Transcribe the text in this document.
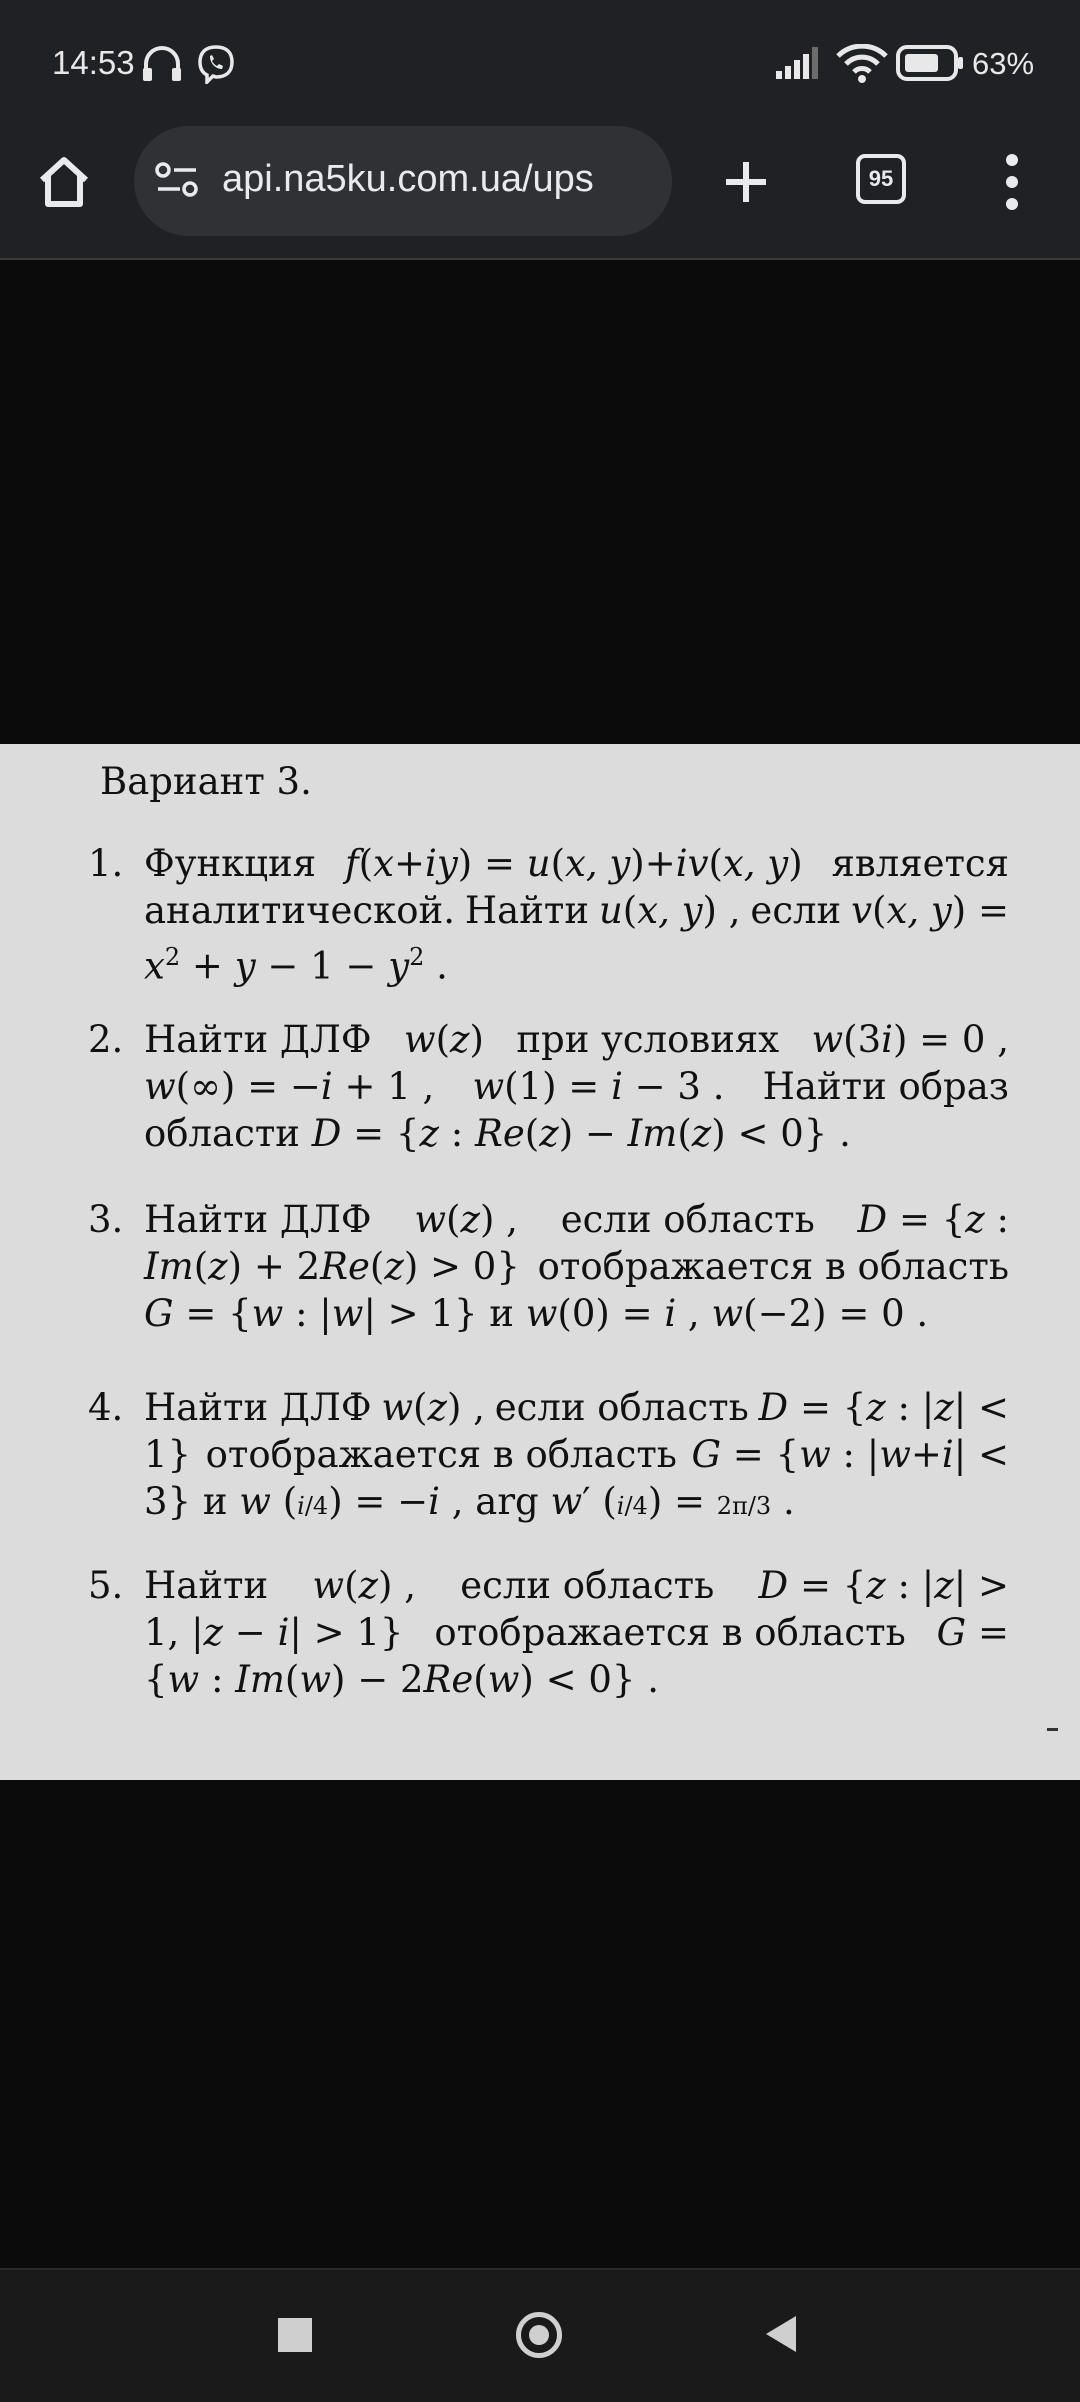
14:53	63%
api.na5ku.com.ua/ups	95
Вариант 3.
1. Функция f(x+iy) = u(x, y)+iv(x, y) является
аналитической. Найти u(x, y) , если v(x, y) =
$x^2 + y - 1 - y^2$ .
2. Найти ДЛФ w(z) при условиях w(3i) = 0 ,
w(∞) = −i + 1 , w(1) = i − 3 . Найти образ
области D = {z : Re(z) − Im(z) < 0} .
3. Найти ДЛФ w(z) , если область D = {z :
Im(z) + 2Re(z) > 0} отображается в область
G = {w : |w| > 1} и w(0) = i , w(−2) = 0 .
4. Найти ДЛФ w(z) , если область D = {z : |z| <
1} отображается в область G = {w : |w+i| <
3} и w (i/4) = −i , arg w′ (i/4) = 2π/3 .
5. Найти w(z) , если область D = {z : |z| >
1, |z − i| > 1} отображается в область G =
{w : Im(w) − 2Re(w) < 0} .
